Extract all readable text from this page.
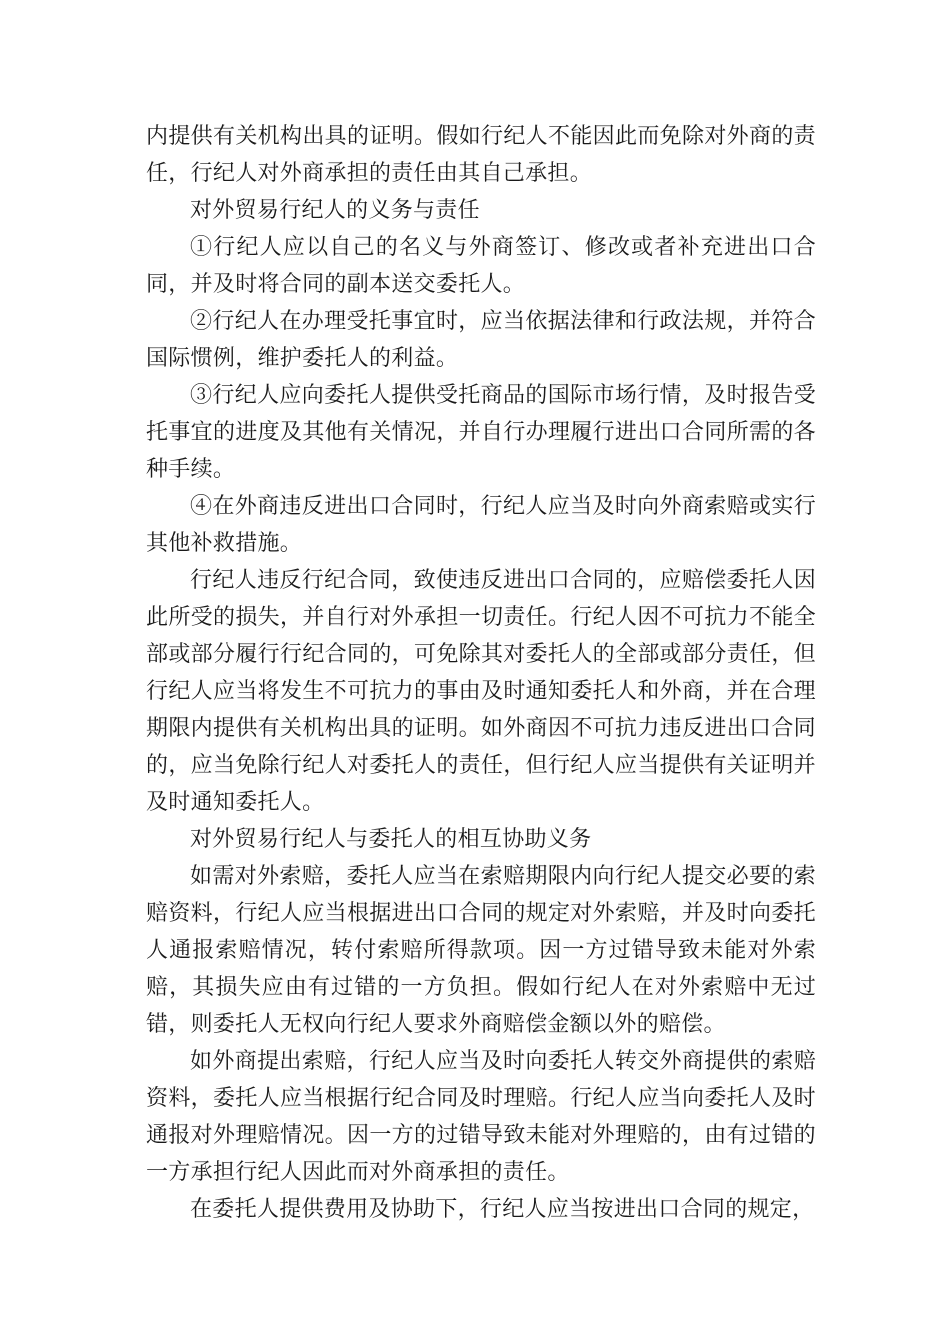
内提供有关机构出具的证明。假如行纪人不能因此而免除对外商的责任，行纪人对外商承担的责任由其自己承担。

对外贸易行纪人的义务与责任

①行纪人应以自己的名义与外商签订、修改或者补充进出口合同，并及时将合同的副本送交委托人。

②行纪人在办理受托事宜时，应当依据法律和行政法规，并符合国际惯例，维护委托人的利益。

③行纪人应向委托人提供受托商品的国际市场行情，及时报告受托事宜的进度及其他有关情况，并自行办理履行进出口合同所需的各种手续。

④在外商违反进出口合同时，行纪人应当及时向外商索赔或实行其他补救措施。

行纪人违反行纪合同，致使违反进出口合同的，应赔偿委托人因此所受的损失，并自行对外承担一切责任。行纪人因不可抗力不能全部或部分履行行纪合同的，可免除其对委托人的全部或部分责任，但行纪人应当将发生不可抗力的事由及时通知委托人和外商，并在合理期限内提供有关机构出具的证明。如外商因不可抗力违反进出口合同的，应当免除行纪人对委托人的责任，但行纪人应当提供有关证明并及时通知委托人。

对外贸易行纪人与委托人的相互协助义务

如需对外索赔，委托人应当在索赔期限内向行纪人提交必要的索赔资料，行纪人应当根据进出口合同的规定对外索赔，并及时向委托人通报索赔情况，转付索赔所得款项。因一方过错导致未能对外索赔，其损失应由有过错的一方负担。假如行纪人在对外索赔中无过错，则委托人无权向行纪人要求外商赔偿金额以外的赔偿。

如外商提出索赔，行纪人应当及时向委托人转交外商提供的索赔资料，委托人应当根据行纪合同及时理赔。行纪人应当向委托人及时通报对外理赔情况。因一方的过错导致未能对外理赔的，由有过错的一方承担行纪人因此而对外商承担的责任。

在委托人提供费用及协助下，行纪人应当按进出口合同的规定，
